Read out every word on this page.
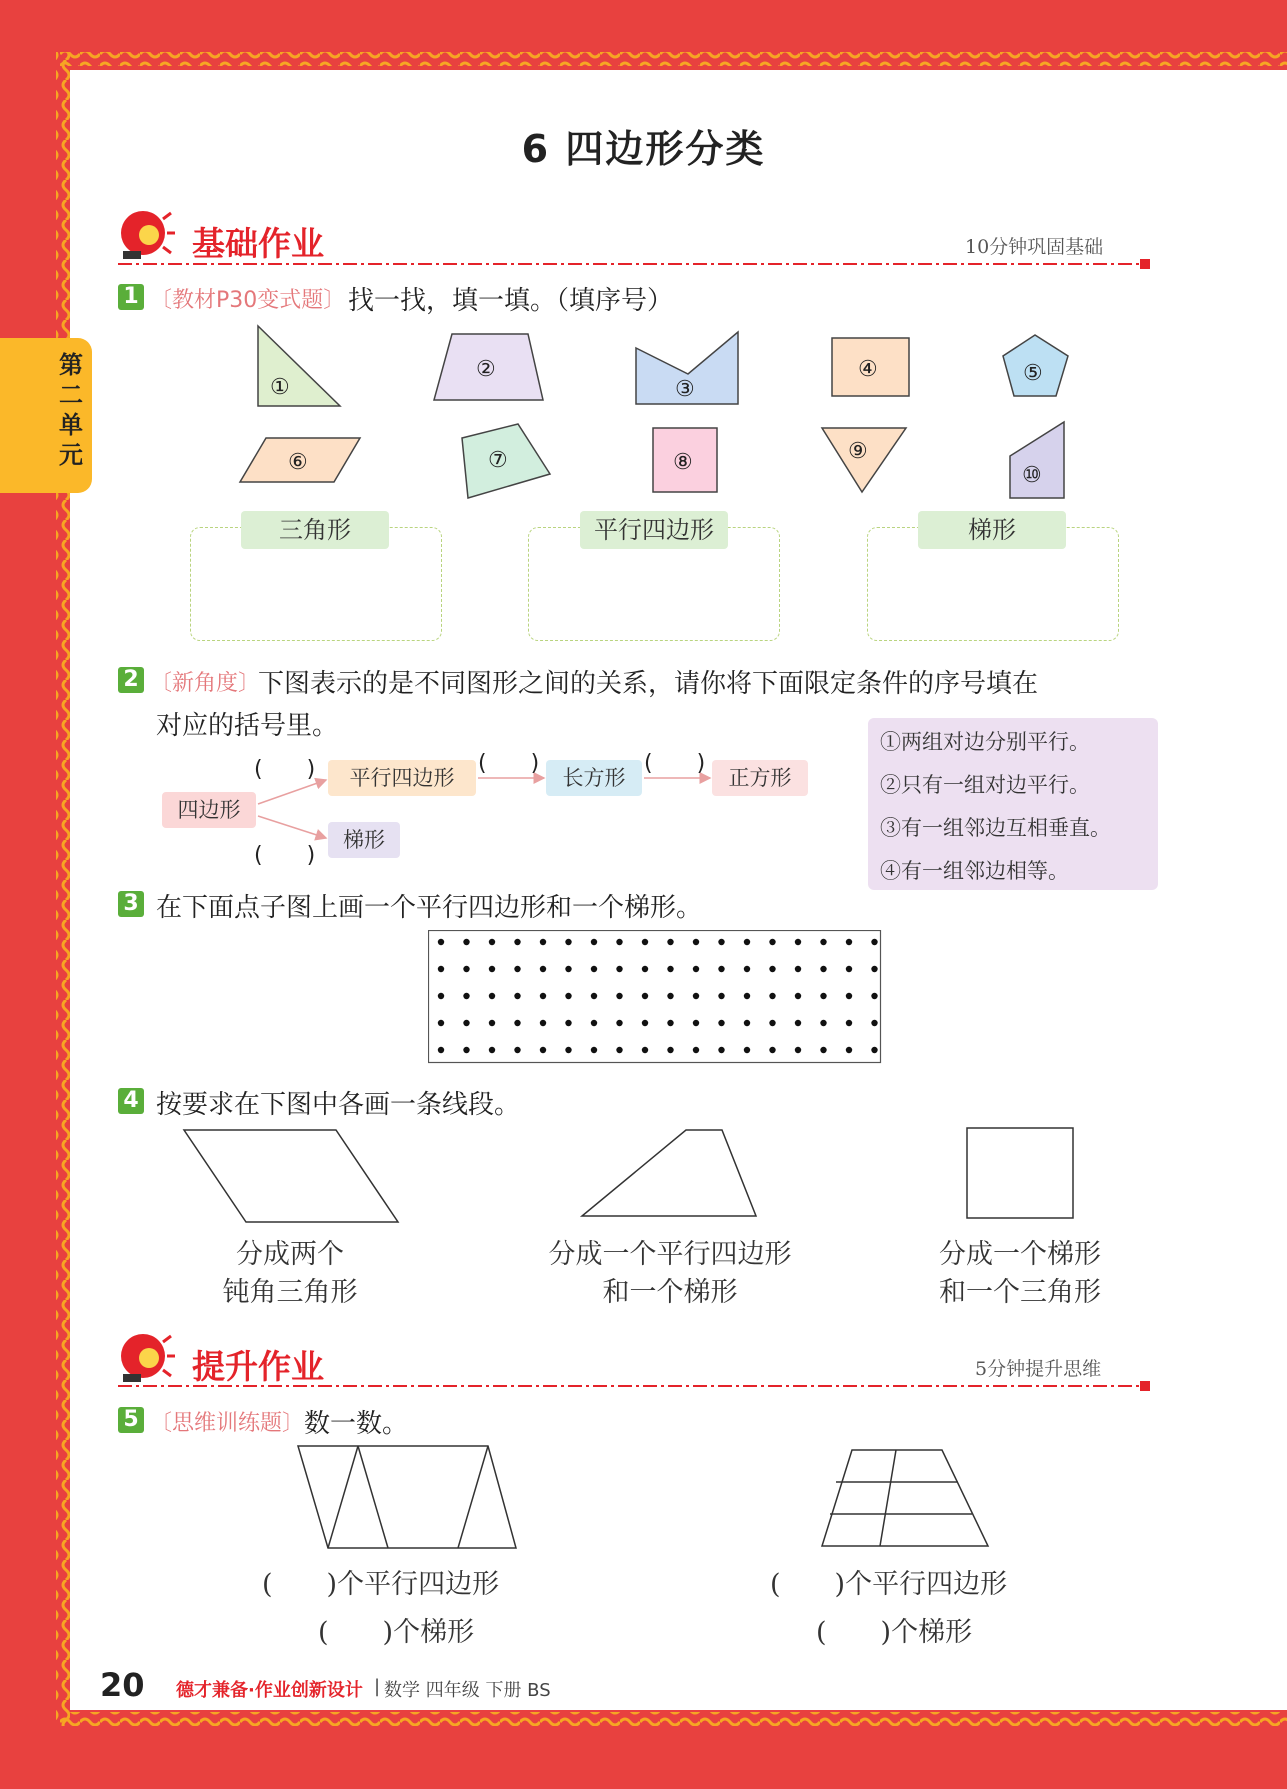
第二单元
6 四边形分类
基础作业	10分钟巩固基础
1 〔教材P30变式题〕 找一找，填一填。（填序号）
①
②
③
④	⑤
⑥	⑦	⑧	⑨
⑩
三角形	平行四边形	梯形
2 〔新角度〕
下图表示的是不同图形之间的关系，请你将下面限定条件的序号填在
对应的括号里。
四边形
平行四边形	长方形	正方形
梯形
(　　)	(　　)	(　　)
(　　)
①两组对边分别平行。
②只有一组对边平行。
③有一组邻边互相垂直。
④有一组邻边相等。
3 在下面点子图上画一个平行四边形和一个梯形。
4 按要求在下图中各画一条线段。
分成两个
钝角三角形
分成一个平行四边形
和一个梯形
分成一个梯形
和一个三角形
提升作业	5分钟提升思维
5 〔思维训练题〕 数一数。
(　　)个平行四边形
(　　)个梯形
(　　)个平行四边形
(　　)个梯形
20 德才兼备·作业创新设计 | 数学 四年级 下册 BS
